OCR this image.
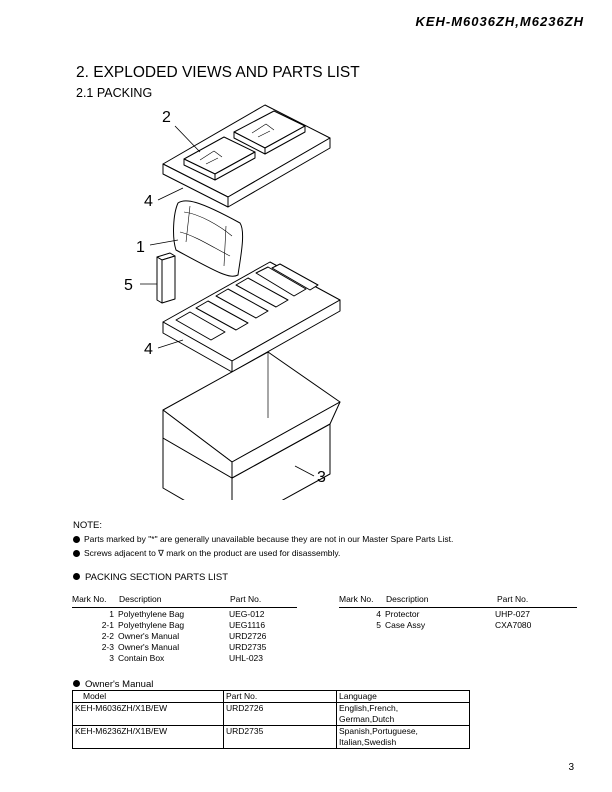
KEH-M6036ZH,M6236ZH
2. EXPLODED VIEWS AND PARTS LIST
2.1 PACKING
2
4
1
5
4
3
NOTE:
Parts marked by "*" are generally unavailable because they are not in our Master Spare Parts List.
Screws adjacent to ∇ mark on the product are used for disassembly.
PACKING SECTION PARTS LIST
Mark No. Description	Part No.	Mark No. Description	Part No.
1 Polyethylene Bag	UEG-012
2-1 Polyethylene Bag	UEG1116
2-2 Owner's Manual	URD2726
2-3 Owner's Manual	URD2735
3 Contain Box	UHL-023
4 Protector	UHP-027
5 Case Assy	CXA7080
Owner's Manual
Model	Part No.	Language
KEH-M6036ZH/X1B/EW	URD2726	English,French,
German,Dutch

KEH-M6236ZH/X1B/EW	URD2735	Spanish,Portuguese,
Italian,Swedish
3
